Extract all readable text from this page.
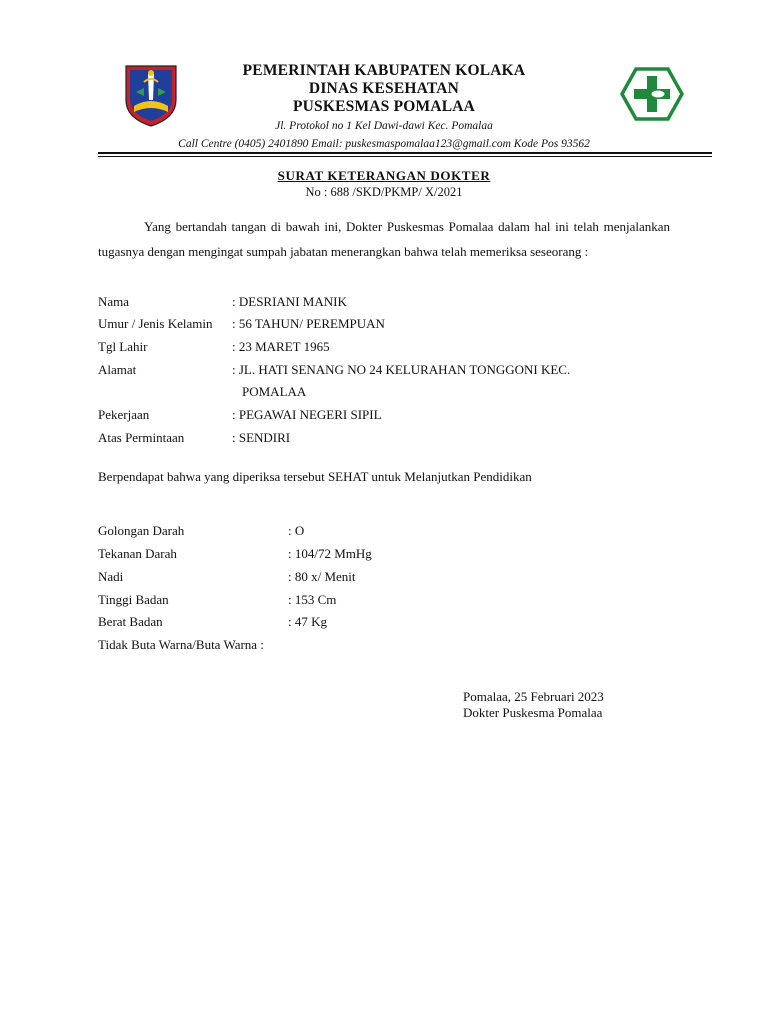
PEMERINTAH KABUPATEN KOLAKA
DINAS KESEHATAN
PUSKESMAS POMALAA
Jl. Protokol no 1 Kel Dawi-dawi Kec. Pomalaa
Call Centre (0405) 2401890 Email: puskesmaspomalaa123@gmail.com Kode Pos 93562
SURAT KETERANGAN DOKTER
No : 688 /SKD/PKMP/ X/2021

Yang bertandah tangan di bawah ini, Dokter Puskesmas Pomalaa dalam hal ini telah menjalankan tugasnya dengan mengingat sumpah jabatan menerangkan bahwa telah memeriksa seseorang :

Nama	: DESRIANI MANIK
Umur / Jenis Kelamin : 56 TAHUN/ PEREMPUAN
Tgl Lahir	: 23 MARET 1965
Alamat	: JL. HATI SENANG NO 24 KELURAHAN TONGGONI KEC.
POMALAA
Pekerjaan	: PEGAWAI NEGERI SIPIL
Atas Permintaan	: SENDIRI
Berpendapat bahwa yang diperiksa tersebut SEHAT untuk Melanjutkan Pendidikan
Golongan Darah	: O
Tekanan Darah	: 104/72 MmHg
Nadi	: 80 x/ Menit
Tinggi Badan	: 153 Cm
Berat Badan	: 47 Kg
Tidak Buta Warna/Buta Warna :
Pomalaa, 25 Februari 2023
Dokter Puskesma Pomalaa
